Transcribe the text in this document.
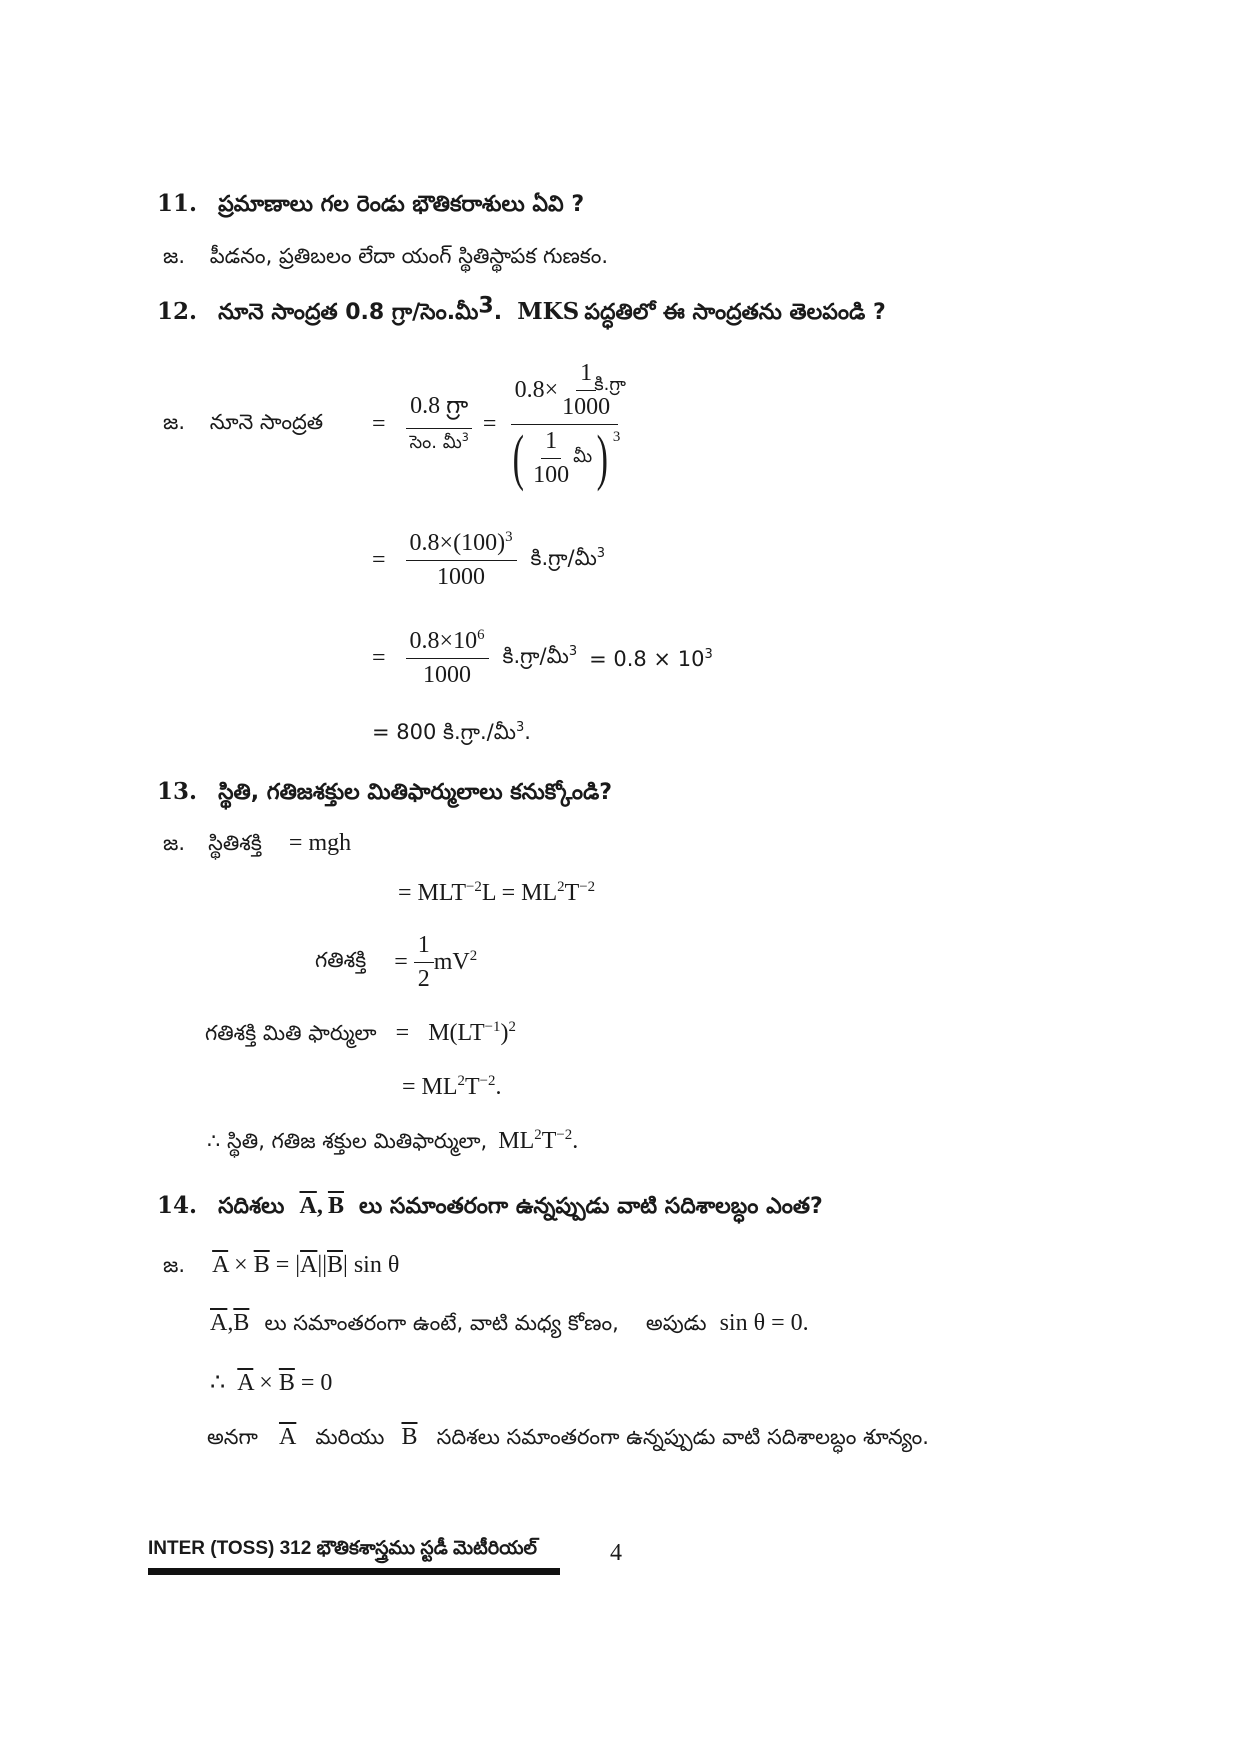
11. ప్రమాణాలు గల రెండు భౌతికరాశులు ఏవి ?
జ. పీడనం, ప్రతిబలం లేదా యంగ్ స్థితిస్థాపక గుణకం.
12. నూనె సాంద్రత 0.8 గ్రా/సెం.మీ$^3$. MKS పద్ధతిలో ఈ సాంద్రతను తెలపండి ?
జ. నూనె సాంద్రత = $\frac{\text{0.8 గ్రా}}{సెం. మీ^3} = \frac{0.8\times \frac{1}{1000}}{( \frac{1}{100} మీ ) ^3}$
కి.గ్రా
= $\frac{0.8\times(100)^3}{1000}$ కి.గ్రా/మీ$^3$
= $\frac{0.8\times 10^6}{1000}$ కి.గ్రా/మీ$^3$ = $0.8 \times 10^3$
= 800 కి.గ్రా./మీ$^3$.
13. స్థితి, గతిజశక్తుల మితిఫార్ములాలు కనుక్కోండి?
జ. స్థితిశక్తి = mgh
= $MLT^{-2}L = ML^2T^{-2}$
గతిశక్తి = $\frac{1}{2} mV^2$
గతిశక్తి మితి ఫార్ములా = $M(LT^{-1})^2$
= $ML^2T^{-2}$.
∴ స్థితి, గతిజ శక్తుల మితిఫార్ములా, $ML^2T^{-2}$.
14. సదిశలు $\overline{A}$, $\overline{B}$ లు సమాంతరంగా ఉన్నప్పుడు వాటి సదిశాలబ్ధం ఎంత?
జ. $\overline{A} \times \overline{B} = |\overline{A}||\overline{B}|$ sin θ
$\overline{A},\overline{B}$ లు సమాంతరంగా ఉంటే, వాటి మధ్య కోణం, అపుడు sin θ = 0.
∴ $\overline{A} \times \overline{B} = 0$
అనగా $\overline{A}$ మరియు $\overline{B}$ సదిశలు సమాంతరంగా ఉన్నప్పుడు వాటి సదిశాలబ్ధం శూన్యం.
INTER (TOSS) 312 భౌతికశాస్త్రము స్టడీ మెటీరియల్	4
